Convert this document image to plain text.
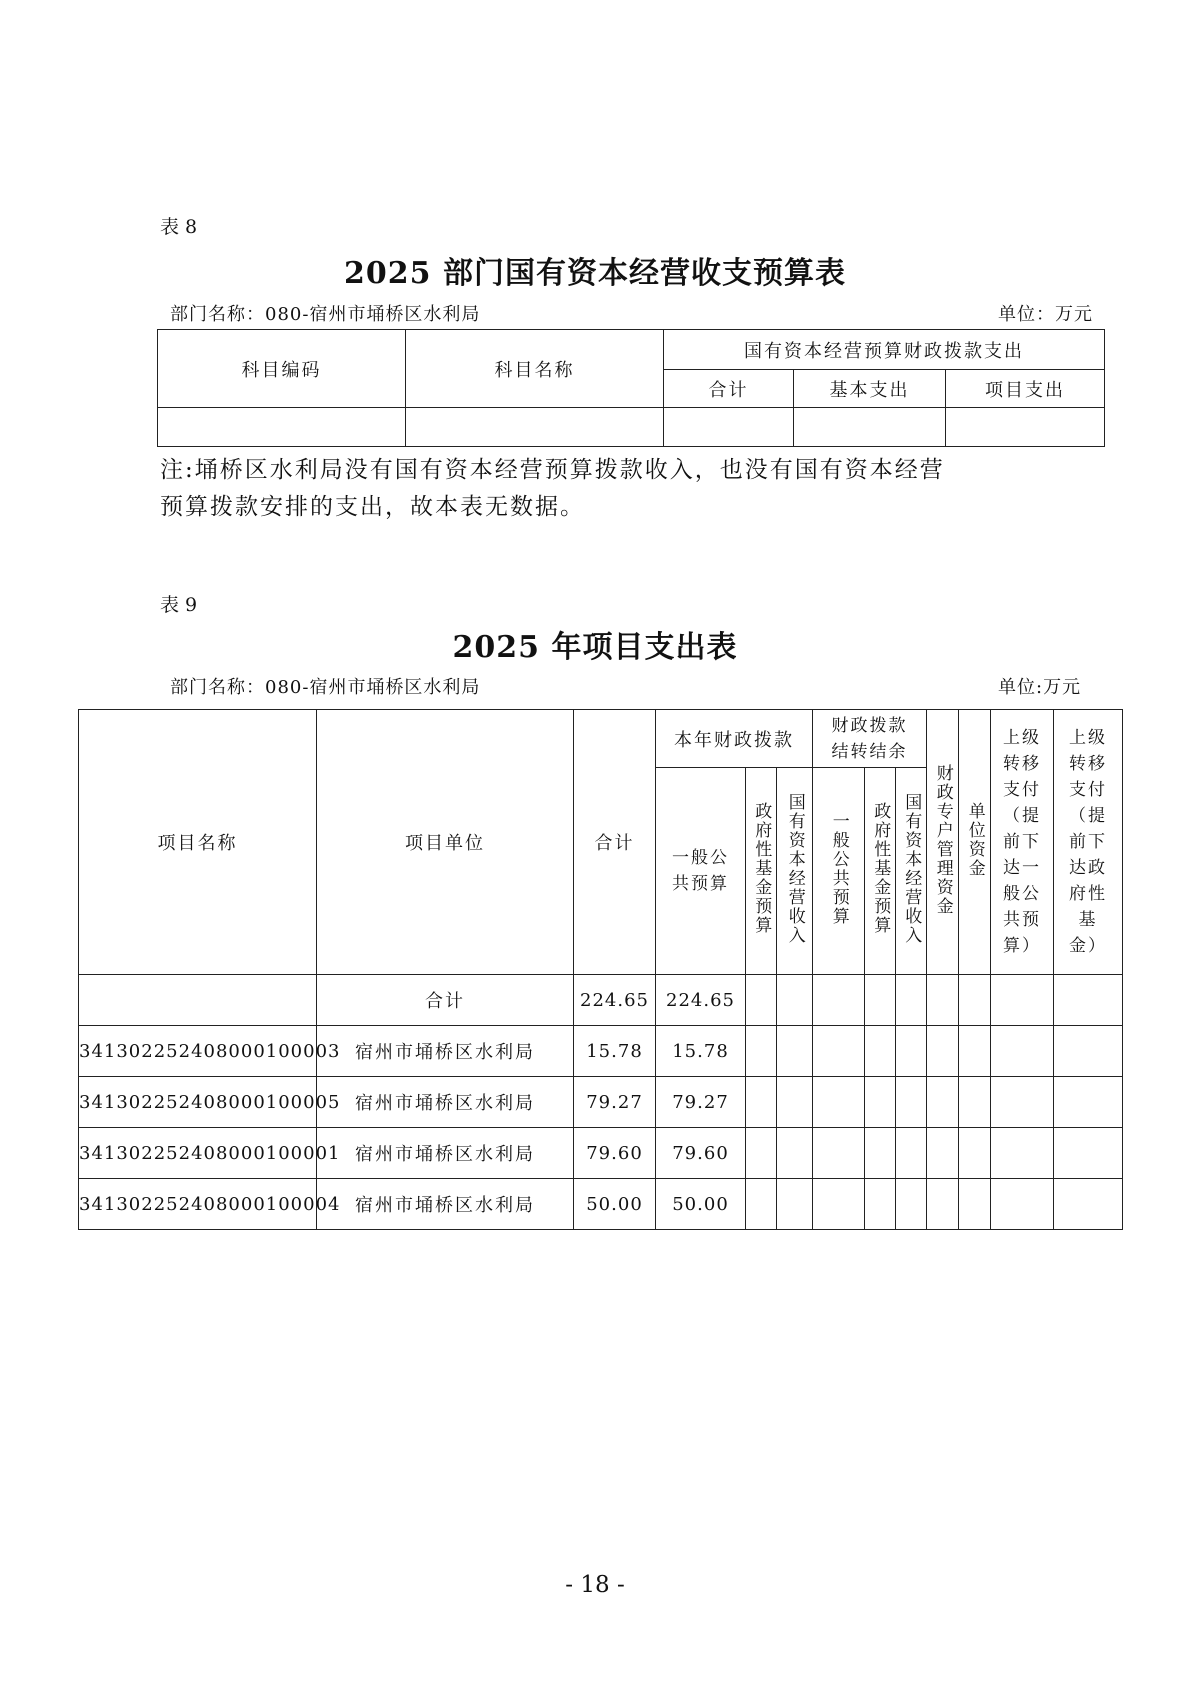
表 8
2025 部门国有资本经营收支预算表
部门名称：080-宿州市埇桥区水利局	单位：万元
科目编码	科目名称	国有资本经营预算财政拨款支出		
		合计	基本支出	项目支出

注:埇桥区水利局没有国有资本经营预算拨款收入，也没有国有资本经营
预算拨款安排的支出，故本表无数据。
表 9
2025 年项目支出表
部门名称：080-宿州市埇桥区水利局	单位:万元
项目名称	项目单位	合计	本年财政拨款			财政拨款结转结余			财政专户管理资金	单位资金	上级转移支付（提前下达一般公共预算）	上级转移支付（提前下达政府性基金）

			一般公共预算	政府性基金预算	国有资本经营收入	一般公共预算	政府性基金预算	国有资本经营收入				
	合计	224.65	224.65									
341302252408000100003	宿州市埇桥区水利局	15.78	15.78									
341302252408000100005	宿州市埇桥区水利局	79.27	79.27									
341302252408000100001	宿州市埇桥区水利局	79.60	79.60									
341302252408000100004	宿州市埇桥区水利局	50.00	50.00									
- 18 -
